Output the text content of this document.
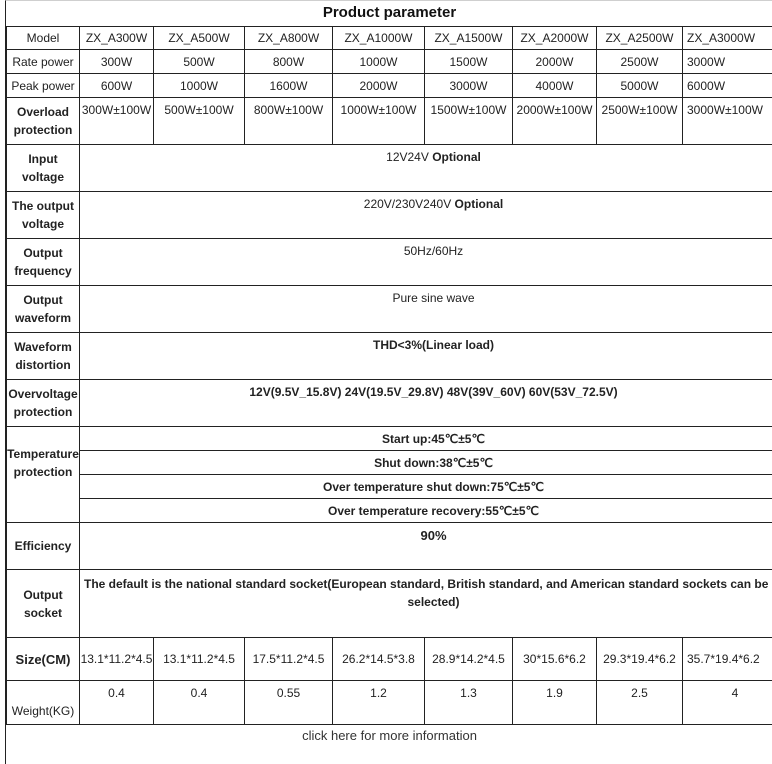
Product parameter
Model	ZX_A300W	ZX_A500W	ZX_A800W	ZX_A1000W	ZX_A1500W	ZX_A2000W	ZX_A2500W	ZX_A3000W
Rate power	300W	500W	800W	1000W	1500W	2000W	2500W	3000W
Peak power	600W	1000W	1600W	2000W	3000W	4000W	5000W	6000W
Overload protection	300W±100W	500W±100W	800W±100W	1000W±100W	1500W±100W	2000W±100W	2500W±100W	3000W±100W
Input voltage	12V24V Optional							
The output voltage	220V/230V240V Optional							
Output frequency	50Hz/60Hz							
Output waveform	Pure sine wave							
Waveform distortion	THD<3%(Linear load)							
Overvoltage protection	12V(9.5V_15.8V) 24V(19.5V_29.8V) 48V(39V_60V) 60V(53V_72.5V)							
Temperature protection	Start up:45℃±5℃							
	Shut down:38℃±5℃							
	Over temperature shut down:75℃±5℃							
	Over temperature recovery:55℃±5℃							
Efficiency	90%							
Output socket	The default is the national standard socket(European standard, British standard, and American standard sockets can be
selected)							

Size(CM)	13.1*11.2*4.5	13.1*11.2*4.5	17.5*11.2*4.5	26.2*14.5*3.8	28.9*14.2*4.5	30*15.6*6.2	29.3*19.4*6.2	35.7*19.4*6.2
Weight(KG)	0.4	0.4	0.55	1.2	1.3	1.9	2.5	4
click here for more information
